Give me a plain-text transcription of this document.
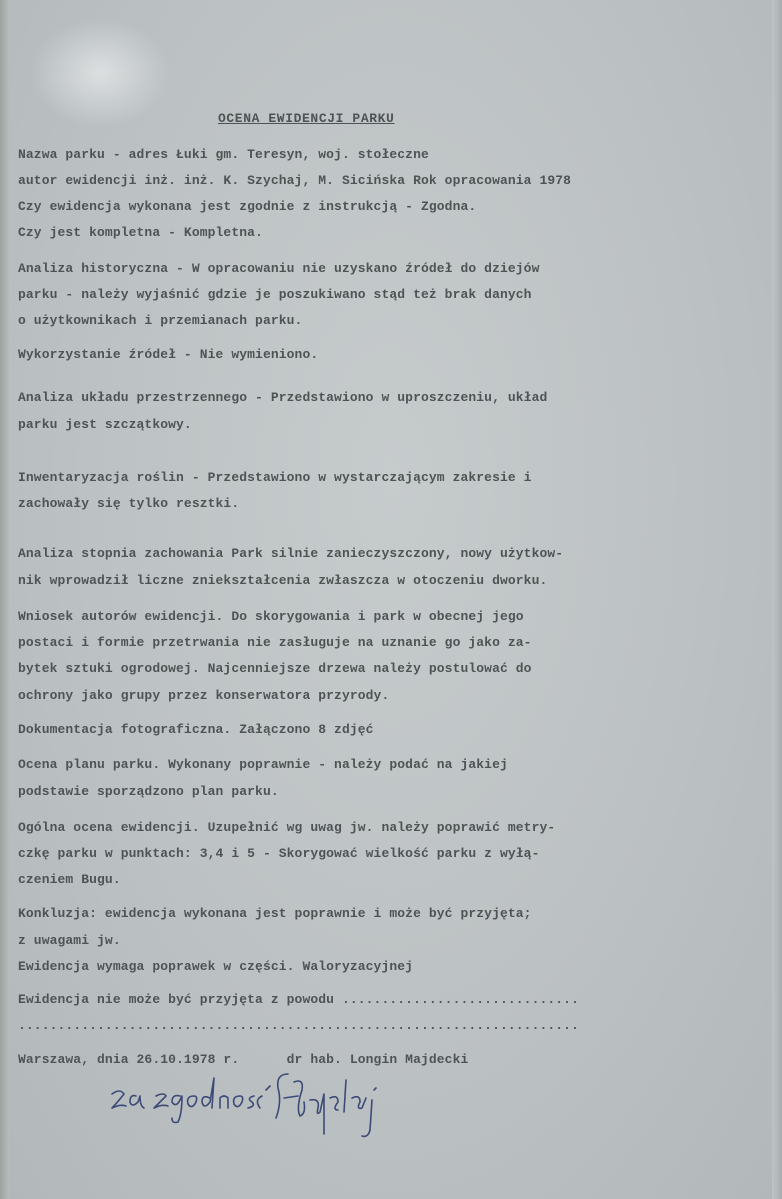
OCENA EWIDENCJI PARKU
Nazwa parku - adres Łuki gm. Teresyn, woj. stołeczne
autor ewidencji inż. inż. K. Szychaj, M. Sicińska Rok opracowania 1978
Czy ewidencja wykonana jest zgodnie z instrukcją - Zgodna.
Czy jest kompletna - Kompletna.
Analiza historyczna - W opracowaniu nie uzyskano źródeł do dziejów
parku - należy wyjaśnić gdzie je poszukiwano stąd też brak danych
o użytkownikach i przemianach parku.
Wykorzystanie źródeł - Nie wymieniono.
Analiza układu przestrzennego - Przedstawiono w uproszczeniu, układ
parku jest szczątkowy.
Inwentaryzacja roślin - Przedstawiono w wystarczającym zakresie i
zachowały się tylko resztki.
Analiza stopnia zachowania Park silnie zanieczyszczony, nowy użytkow-
nik wprowadził liczne zniekształcenia zwłaszcza w otoczeniu dworku.
Wniosek autorów ewidencji. Do skorygowania i park w obecnej jego
postaci i formie przetrwania nie zasługuje na uznanie go jako za-
bytek sztuki ogrodowej. Najcenniejsze drzewa należy postulować do
ochrony jako grupy przez konserwatora przyrody.
Dokumentacja fotograficzna. Załączono 8 zdjęć
Ocena planu parku. Wykonany poprawnie - należy podać na jakiej
podstawie sporządzono plan parku.
Ogólna ocena ewidencji. Uzupełnić wg uwag jw. należy poprawić metry-
czkę parku w punktach: 3,4 i 5 - Skorygować wielkość parku z wyłą-
czeniem Bugu.
Konkluzja: ewidencja wykonana jest poprawnie i może być przyjęta;
z uwagami jw.
Ewidencja wymaga poprawek w części. Waloryzacyjnej
Ewidencja nie może być przyjęta z powodu ..............................
.......................................................................
Warszawa, dnia 26.10.1978 r.      dr hab. Longin Majdecki
